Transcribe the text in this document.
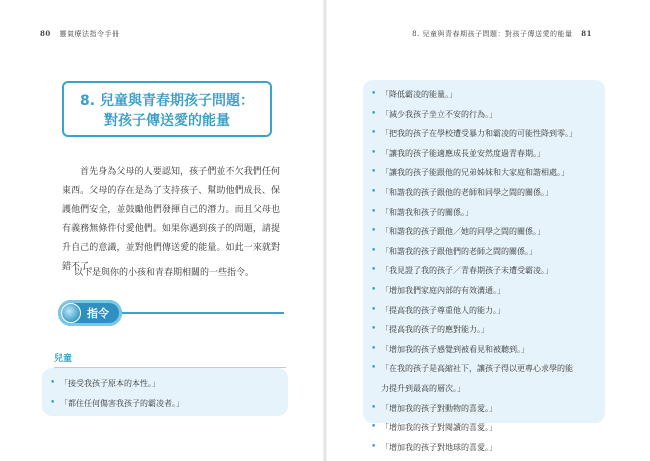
80 靈氣療法指令手冊
8. 兒童與青春期孩子問題：
對孩子傳送愛的能量

首先身為父母的人要認知，孩子們並不欠我們任何東西。父母的存在是為了支持孩子、幫助他們成長、保護他們安全，並鼓勵他們發揮自己的潛力。而且父母也有義務無條件付愛他們。如果你遇到孩子的問題，請提升自己的意識，並對他們傳送愛的能量。如此一來就對錯不了。

以下是與你的小孩和青春期相關的一些指令。

指令
兒童
• 「接受我孩子原本的本性。」
• 「都住任何傷害我孩子的霸凌者。」
8. 兒童與青春期孩子問題：對孩子傳送愛的能量 81
• 「降低霸凌的能量。」
• 「減少我孩子坐立不安的行為。」
• 「把我的孩子在學校遭受暴力和霸凌的可能性降到零。」
• 「讓我的孩子能適應成長並安然度過青春期。」
• 「讓我的孩子能跟他的兄弟姊妹和大家庭和諧相處。」
• 「和諧我的孩子跟他的老師和同學之間的關係。」
• 「和諧我和孩子的關係。」
• 「和諧我的孩子跟他／她的同學之間的關係。」
• 「和諧我的孩子跟他們的老師之間的關係。」
• 「我見證了我的孩子／青春期孩子未遭受霸凌。」
• 「增加我們家庭內部的有效溝通。」
• 「提高我的孩子尊重他人的能力。」
• 「提高我的孩子的應對能力。」
• 「增加我的孩子感覺到被看見和被聽到。」
• 「在我的孩子是高縮社下，讓孩子得以更專心求學的能
力提升到最高的層次。」
• 「增加我的孩子對動物的喜愛。」
• 「增加我的孩子對閱讀的喜愛。」
• 「增加我的孩子對地球的喜愛。」
